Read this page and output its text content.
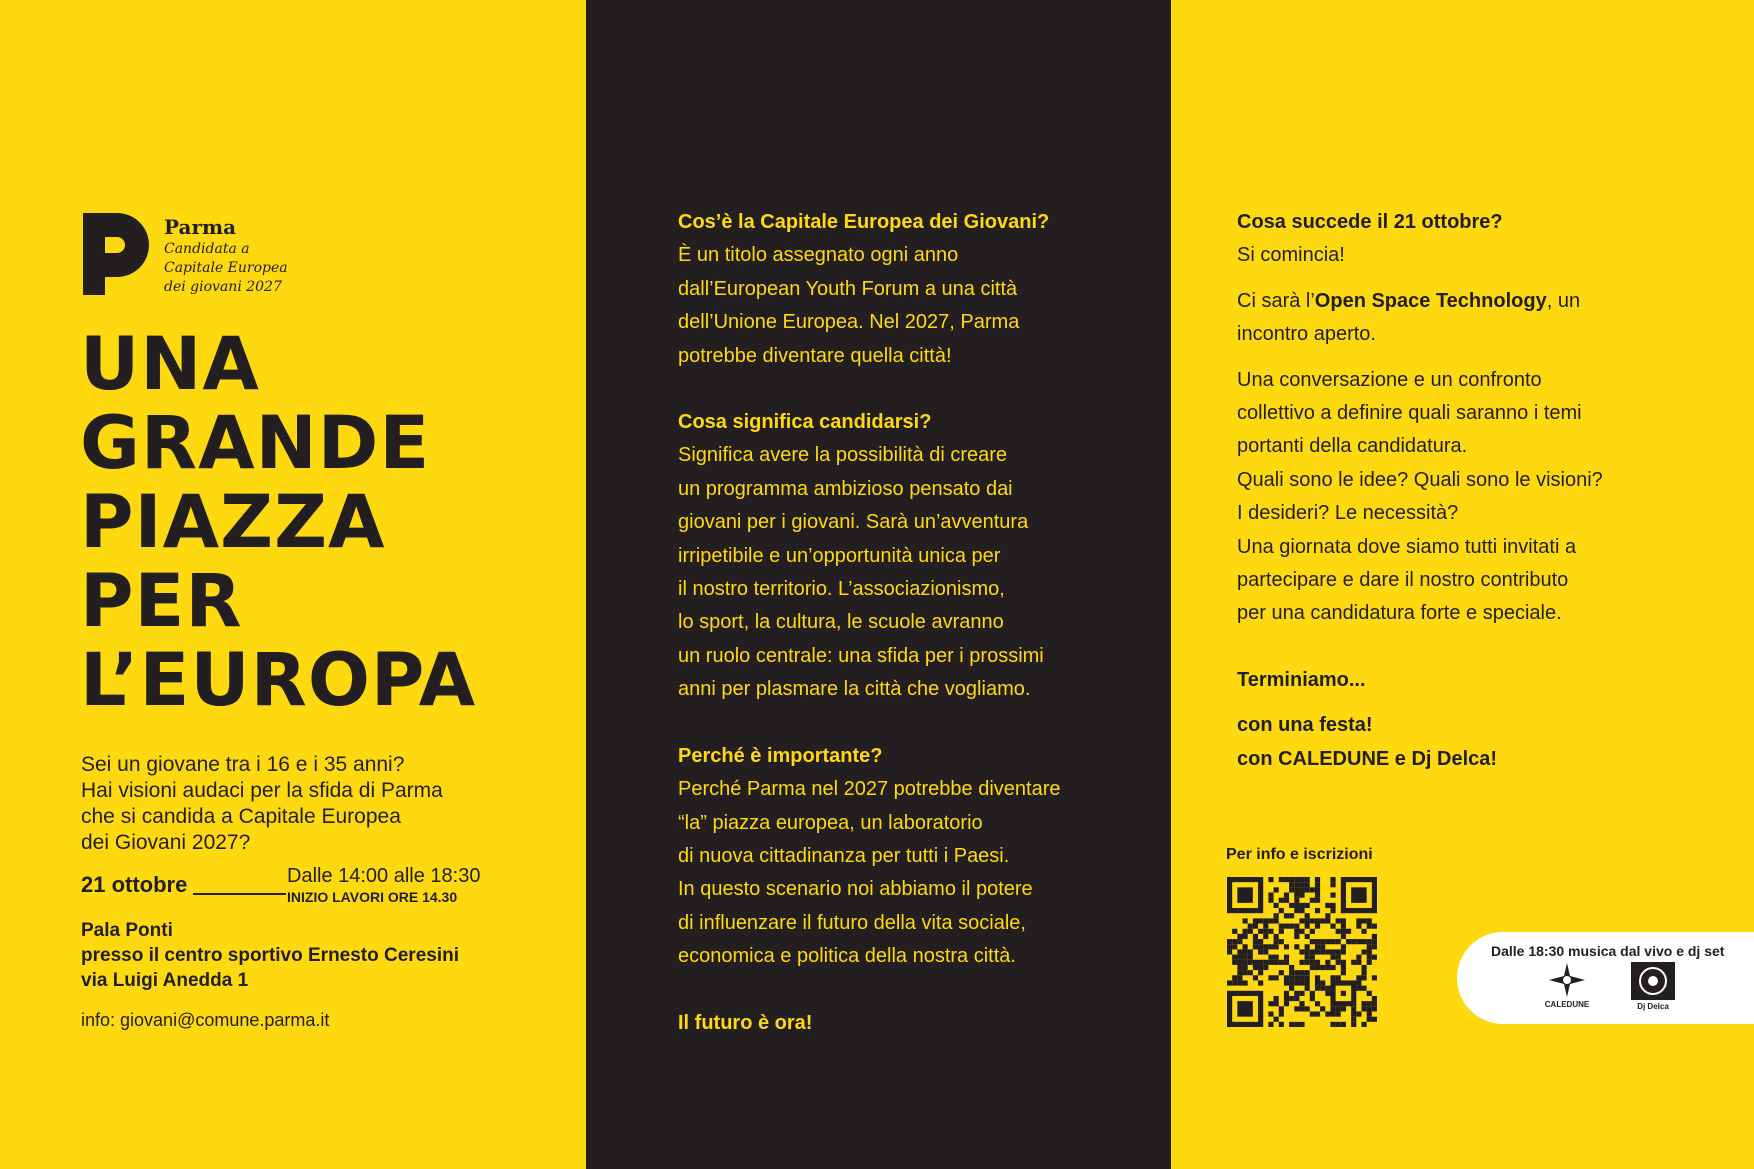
Parma
Candidata a
Capitale Europea
dei giovani 2027
UNA
GRANDE
PIAZZA
PER
L’EUROPA
Sei un giovane tra i 16 e i 35 anni?
Hai visioni audaci per la sfida di Parma
che si candida a Capitale Europea
dei Giovani 2027?
21 ottobre	Dalle 14:00 alle 18:30
INIZIO LAVORI ORE 14.30
Pala Ponti
presso il centro sportivo Ernesto Ceresini
via Luigi Anedda 1
info: giovani@comune.parma.it

Cos’è la Capitale Europea dei Giovani?
È un titolo assegnato ogni anno
dall’European Youth Forum a una città
dell’Unione Europea. Nel 2027, Parma
potrebbe diventare quella città!

Cosa significa candidarsi?
Significa avere la possibilità di creare
un programma ambizioso pensato dai
giovani per i giovani. Sarà un’avventura
irripetibile e un’opportunità unica per
il nostro territorio. L’associazionismo,
lo sport, la cultura, le scuole avranno
un ruolo centrale: una sfida per i prossimi
anni per plasmare la città che vogliamo.

Perché è importante?
Perché Parma nel 2027 potrebbe diventare
“la” piazza europea, un laboratorio
di nuova cittadinanza per tutti i Paesi.
In questo scenario noi abbiamo il potere
di influenzare il futuro della vita sociale,
economica e politica della nostra città.

Il futuro è ora!

Cosa succede il 21 ottobre?

Si comincia!

Ci sarà l’Open Space Technology, un

incontro aperto.

Una conversazione e un confronto

collettivo a definire quali saranno i temi

portanti della candidatura.

Quali sono le idee? Quali sono le visioni?

I desideri? Le necessità?

Una giornata dove siamo tutti invitati a

partecipare e dare il nostro contributo

per una candidatura forte e speciale.

Terminiamo...

con una festa!

con CALEDUNE e Dj Delca!

Per info e iscrizioni
Dalle 18:30 musica dal vivo e dj set
CALEDUNE	Dj Delca
